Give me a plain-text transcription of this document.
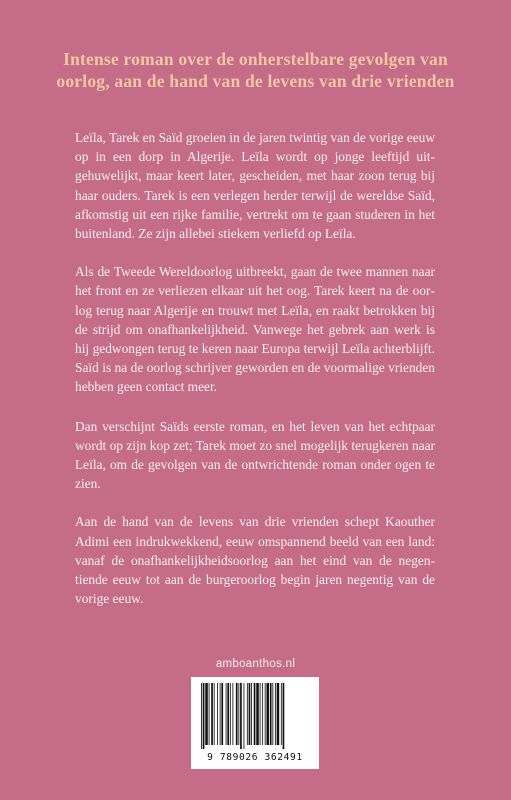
Intense roman over de onherstelbare gevolgen van oorlog, aan de hand van de levens van drie vrienden

Leïla, Tarek en Saïd groeien in de jaren twintig van de vorige eeuw op in een dorp in Algerije. Leïla wordt op jonge leeftijd uitgehuwelijkt, maar keert later, gescheiden, met haar zoon terug bij haar ouders. Tarek is een verlegen herder terwijl de wereldse Saïd, afkomstig uit een rijke familie, vertrekt om te gaan studeren in het buitenland. Ze zijn allebei stiekem verliefd op Leïla.

Als de Tweede Wereldoorlog uitbreekt, gaan de twee mannen naar het front en ze verliezen elkaar uit het oog. Tarek keert na de oorlog terug naar Algerije en trouwt met Leïla, en raakt betrokken bij de strijd om onafhankelijkheid. Vanwege het gebrek aan werk is hij gedwongen terug te keren naar Europa terwijl Leïla achterblijft. Saïd is na de oorlog schrijver geworden en de voormalige vrienden hebben geen contact meer.

Dan verschijnt Saïds eerste roman, en het leven van het echtpaar wordt op zijn kop zet; Tarek moet zo snel mogelijk terugkeren naar Leïla, om de gevolgen van de ontwrichtende roman onder ogen te zien.

Aan de hand van de levens van drie vrienden schept Kaouther Adimi een indrukwekkend, eeuw omspannend beeld van een land: vanaf de onafhankelijkheidsoorlog aan het eind van de negentiende eeuw tot aan de burgeroorlog begin jaren negentig van de vorige eeuw.

amboanthos.nl
9 789026 362491
